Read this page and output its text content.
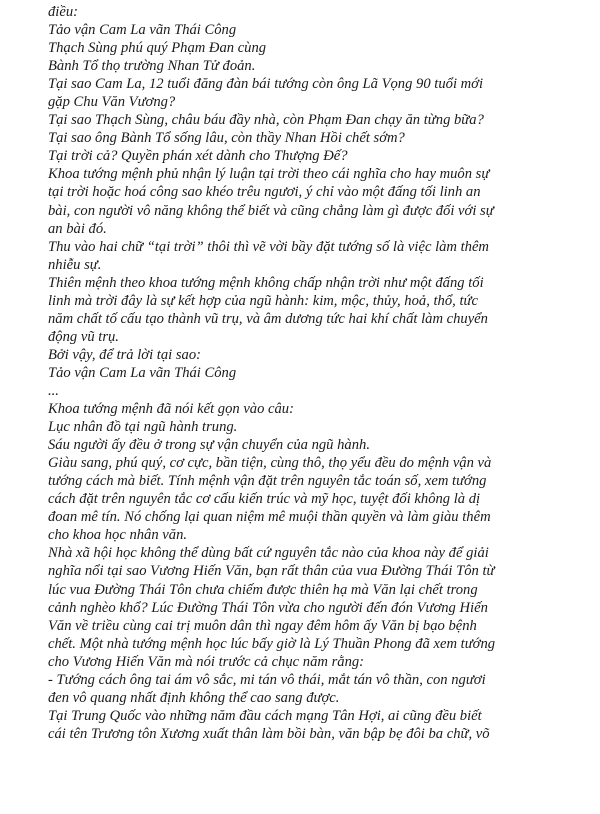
điều:
Tảo vận Cam La vãn Thái Công
Thạch Sùng phú quý Phạm Đan cùng
Bành Tổ thọ trường Nhan Tử đoản.
Tại sao Cam La, 12 tuổi đăng đàn bái tướng còn ông Lã Vọng 90 tuổi mới
gặp Chu Văn Vương?
Tại sao Thạch Sùng, châu báu đầy nhà, còn Phạm Đan chạy ăn từng bữa?
Tại sao ông Bành Tổ sống lâu, còn thầy Nhan Hồi chết sớm?
Tại trời cả? Quyền phán xét dành cho Thượng Đế?
Khoa tướng mệnh phủ nhận lý luận tại trời theo cái nghĩa cho hay muôn sự
tại trời hoặc hoá công sao khéo trêu ngươi, ý chỉ vào một đấng tối linh an
bài, con người vô năng không thể biết và cũng chẳng làm gì được đối với sự
an bài đó.
Thu vào hai chữ “tại trời” thôi thì vẽ vời bầy đặt tướng số là việc làm thêm
nhiễu sự.
Thiên mệnh theo khoa tướng mệnh không chấp nhận trời như một đấng tối
linh mà trời đây là sự kết hợp của ngũ hành: kim, mộc, thủy, hoả, thổ, tức
năm chất tố cấu tạo thành vũ trụ, và âm dương tức hai khí chất làm chuyển
động vũ trụ.
Bởi vậy, để trả lời tại sao:
Tảo vận Cam La vãn Thái Công
...
Khoa tướng mệnh đã nói kết gọn vào câu:
Lục nhân đồ tại ngũ hành trung.
Sáu người ấy đều ở trong sự vận chuyển của ngũ hành.
Giàu sang, phú quý, cơ cực, bần tiện, cùng thô, thọ yểu đều do mệnh vận và
tướng cách mà biết. Tính mệnh vận đặt trên nguyên tắc toán số, xem tướng
cách đặt trên nguyên tắc cơ cấu kiến trúc và mỹ học, tuyệt đối không là dị
đoan mê tín. Nó chống lại quan niệm mê muội thần quyền và làm giàu thêm
cho khoa học nhân văn.
Nhà xã hội học không thể dùng bất cứ nguyên tắc nào của khoa này để giải
nghĩa nổi tại sao Vương Hiến Văn, bạn rất thân của vua Đường Thái Tôn từ
lúc vua Đường Thái Tôn chưa chiếm được thiên hạ mà Văn lại chết trong
cảnh nghèo khổ? Lúc Đường Thái Tôn vừa cho người đến đón Vương Hiến
Văn về triều cùng cai trị muôn dân thì ngay đêm hôm ấy Văn bị bạo bệnh
chết. Một nhà tướng mệnh học lúc bấy giờ là Lý Thuần Phong đã xem tướng
cho Vương Hiến Văn mà nói trước cả chục năm rằng:
- Tướng cách ông tai ám vô sắc, mi tán vô thái, mắt tán vô thần, con ngươi
đen vô quang nhất định không thể cao sang được.
Tại Trung Quốc vào những năm đầu cách mạng Tân Hợi, ai cũng đều biết
cái tên Trương tôn Xương xuất thân làm bồi bàn, văn bập bẹ đôi ba chữ, võ
